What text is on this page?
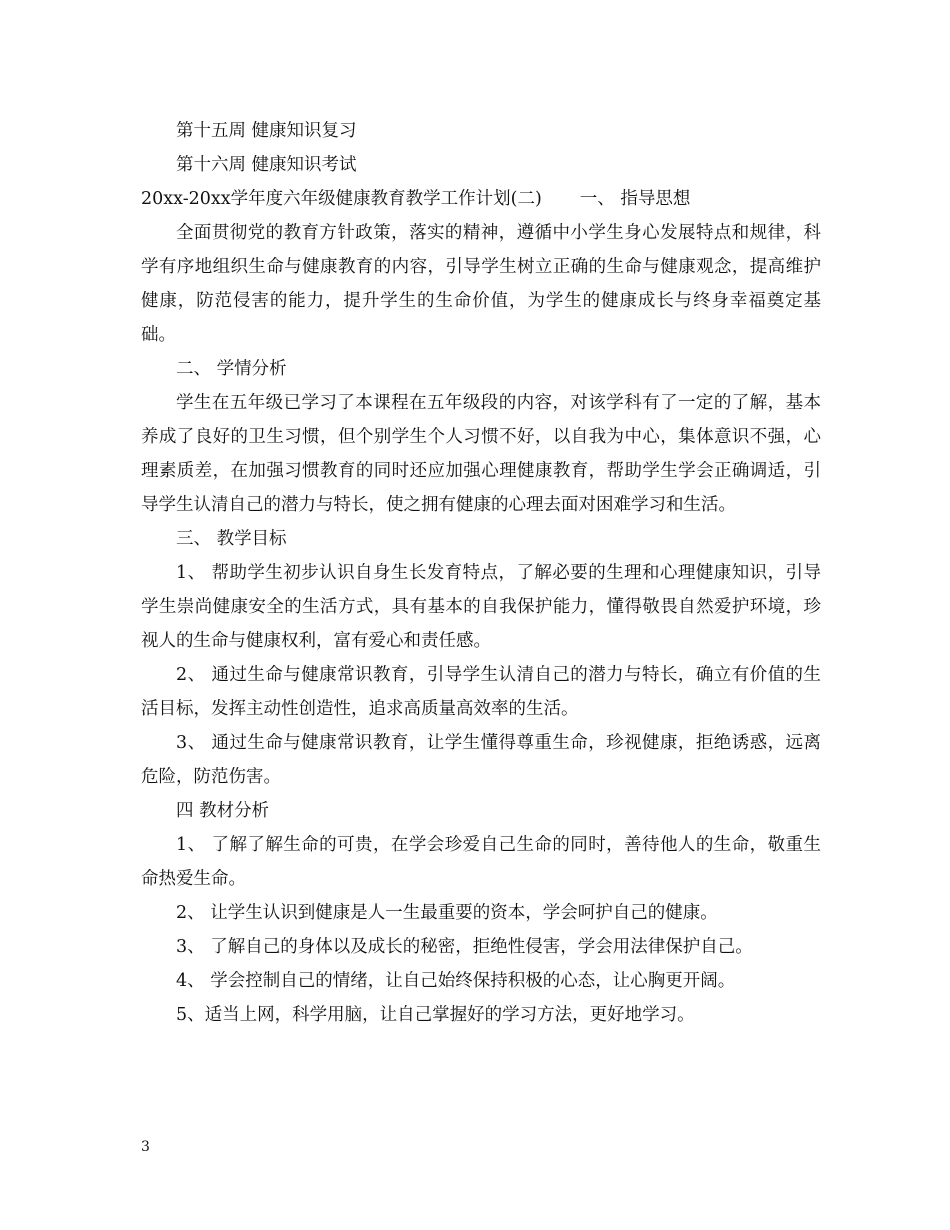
第十五周 健康知识复习

第十六周 健康知识考试

20xx-20xx学年度六年级健康教育教学工作计划(二) 一、 指导思想

全面贯彻党的教育方针政策，落实的精神，遵循中小学生身心发展特点和规律，科学有序地组织生命与健康教育的内容，引导学生树立正确的生命与健康观念，提高维护健康，防范侵害的能力，提升学生的生命价值，为学生的健康成长与终身幸福奠定基础。

二、 学情分析

学生在五年级已学习了本课程在五年级段的内容，对该学科有了一定的了解，基本养成了良好的卫生习惯，但个别学生个人习惯不好，以自我为中心，集体意识不强，心理素质差，在加强习惯教育的同时还应加强心理健康教育，帮助学生学会正确调适，引导学生认清自己的潜力与特长，使之拥有健康的心理去面对困难学习和生活。

三、 教学目标

1、 帮助学生初步认识自身生长发育特点，了解必要的生理和心理健康知识，引导学生崇尚健康安全的生活方式，具有基本的自我保护能力，懂得敬畏自然爱护环境，珍视人的生命与健康权利，富有爱心和责任感。

2、 通过生命与健康常识教育，引导学生认清自己的潜力与特长，确立有价值的生活目标，发挥主动性创造性，追求高质量高效率的生活。

3、 通过生命与健康常识教育，让学生懂得尊重生命，珍视健康，拒绝诱惑，远离危险，防范伤害。

四 教材分析

1、 了解了解生命的可贵，在学会珍爱自己生命的同时，善待他人的生命，敬重生命热爱生命。

2、 让学生认识到健康是人一生最重要的资本，学会呵护自己的健康。

3、 了解自己的身体以及成长的秘密，拒绝性侵害，学会用法律保护自己。

4、 学会控制自己的情绪，让自己始终保持积极的心态，让心胸更开阔。

5、适当上网，科学用脑，让自己掌握好的学习方法，更好地学习。

3
